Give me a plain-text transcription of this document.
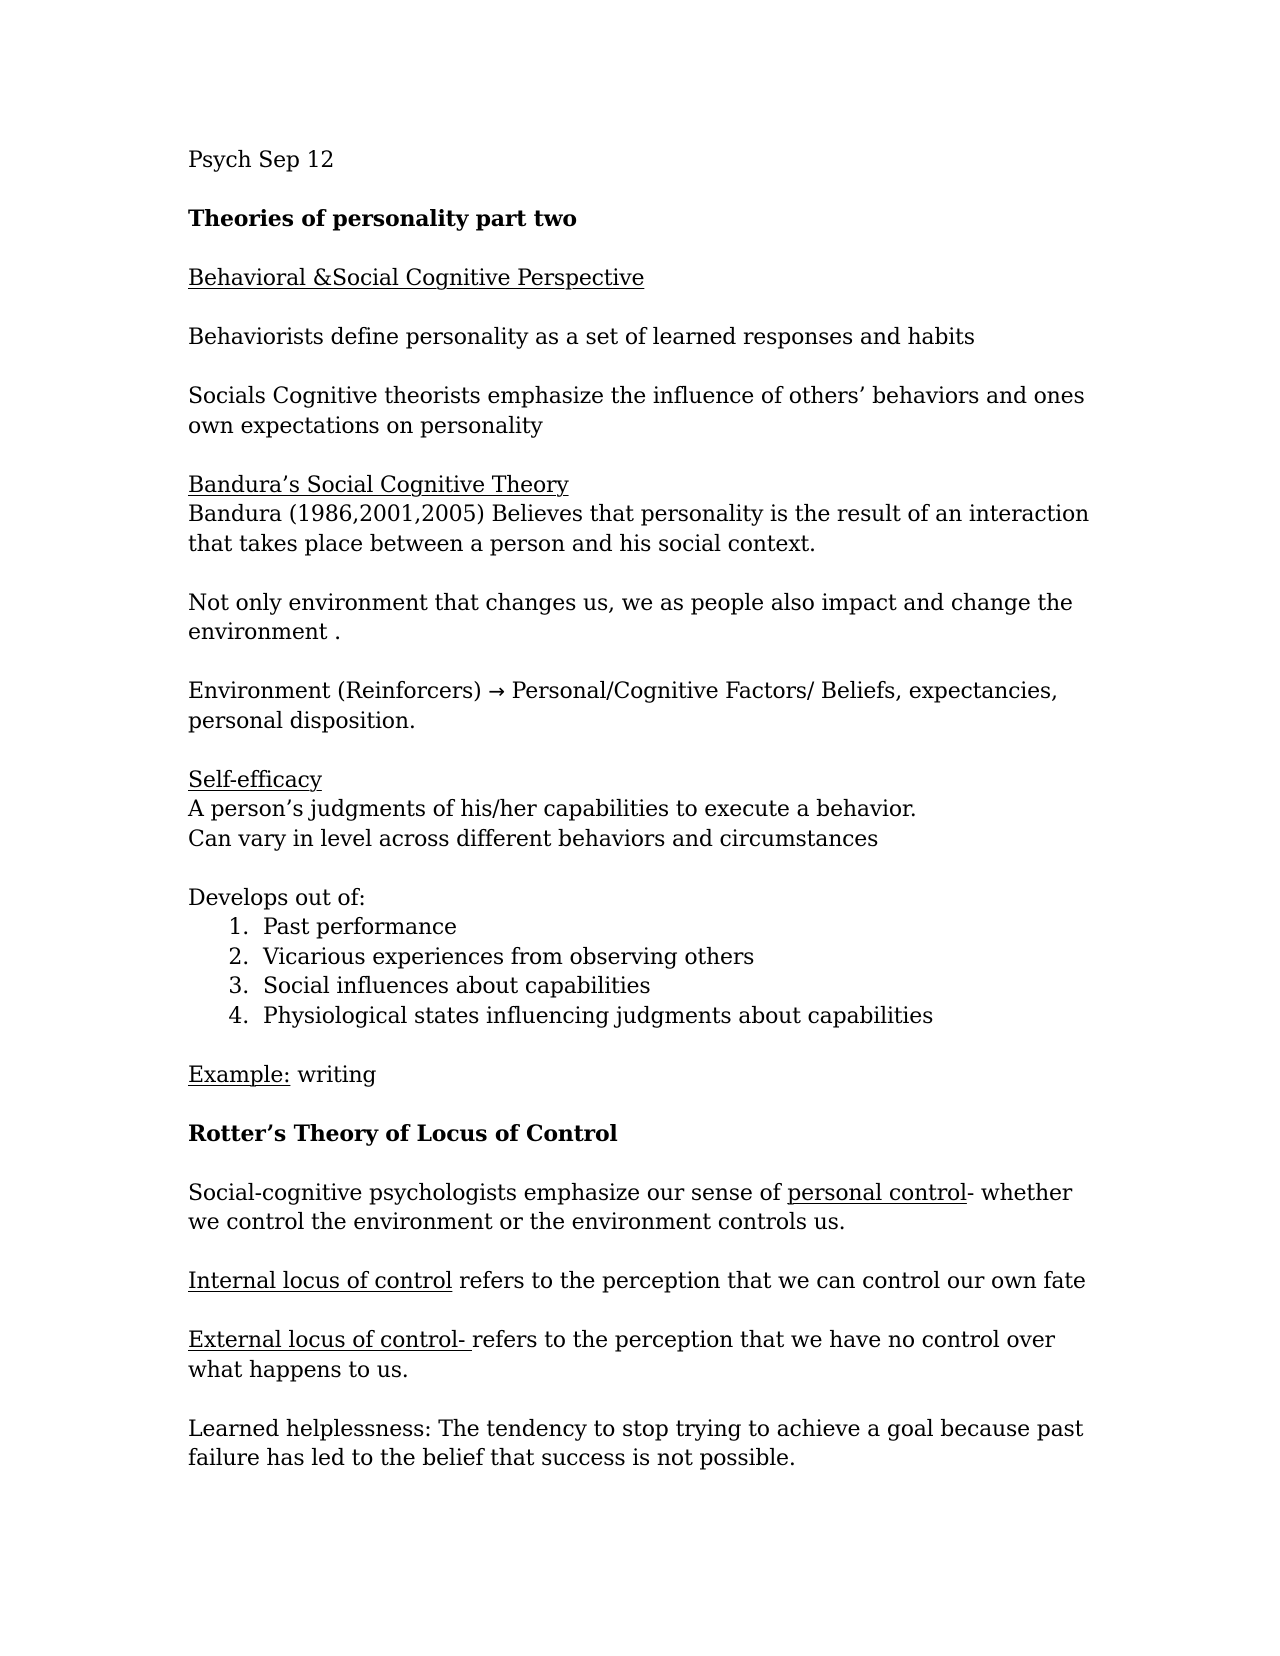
Psych Sep 12

Theories of personality part two

Behavioral &Social Cognitive Perspective

Behaviorists define personality as a set of learned responses and habits

Socials Cognitive theorists emphasize the influence of others’ behaviors and ones own expectations on personality

Bandura’s Social Cognitive Theory

Bandura (1986,2001,2005) Believes that personality is the result of an interaction that takes place between a person and his social context.

Not only environment that changes us, we as people also impact and change the environment .

Environment (Reinforcers) → Personal/Cognitive Factors/ Beliefs, expectancies, personal disposition.

Self-efficacy

A person’s judgments of his/her capabilities to execute a behavior.

Can vary in level across different behaviors and circumstances

Develops out of:

1. Past performance
2. Vicarious experiences from observing others
3. Social influences about capabilities
4. Physiological states influencing judgments about capabilities

Example: writing

Rotter’s Theory of Locus of Control

Social-cognitive psychologists emphasize our sense of personal control- whether we control the environment or the environment controls us.

Internal locus of control refers to the perception that we can control our own fate

External locus of control- refers to the perception that we have no control over what happens to us.

Learned helplessness: The tendency to stop trying to achieve a goal because past failure has led to the belief that success is not possible.
